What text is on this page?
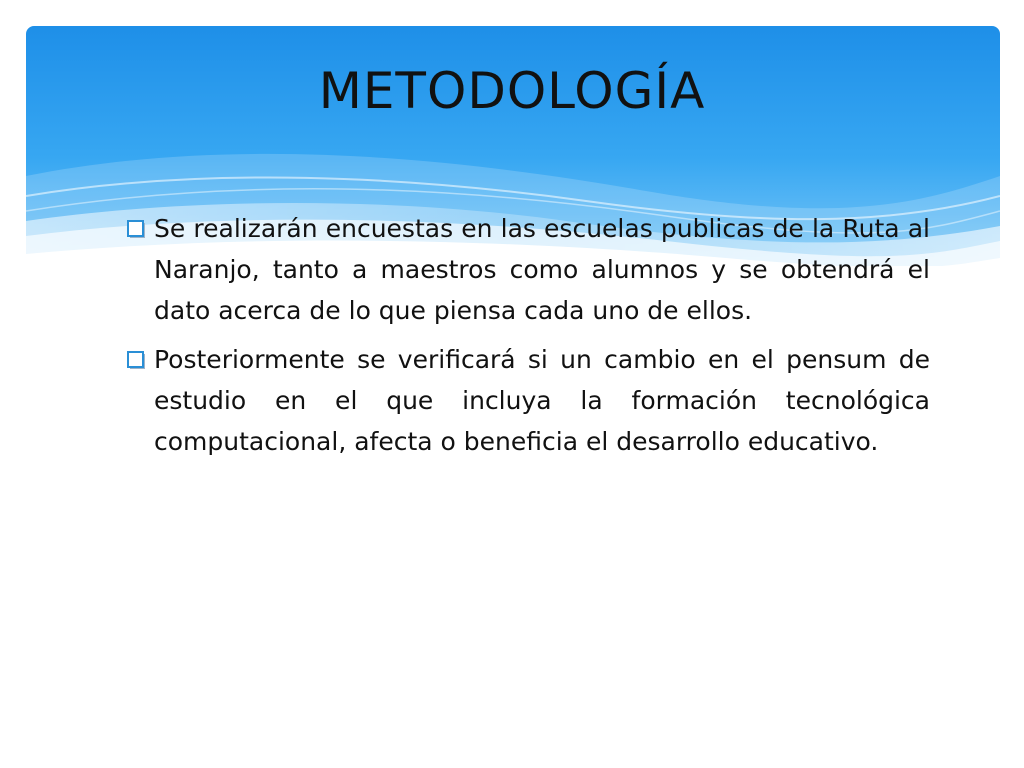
METODOLOGÍA
Se realizarán encuestas en las escuelas publicas de la Ruta al Naranjo, tanto a maestros como alumnos y se obtendrá el dato acerca de lo que piensa cada uno de ellos.
Posteriormente se verificará si un cambio en el pensum de estudio en el que incluya la formación tecnológica computacional, afecta o beneficia el desarrollo educativo.
